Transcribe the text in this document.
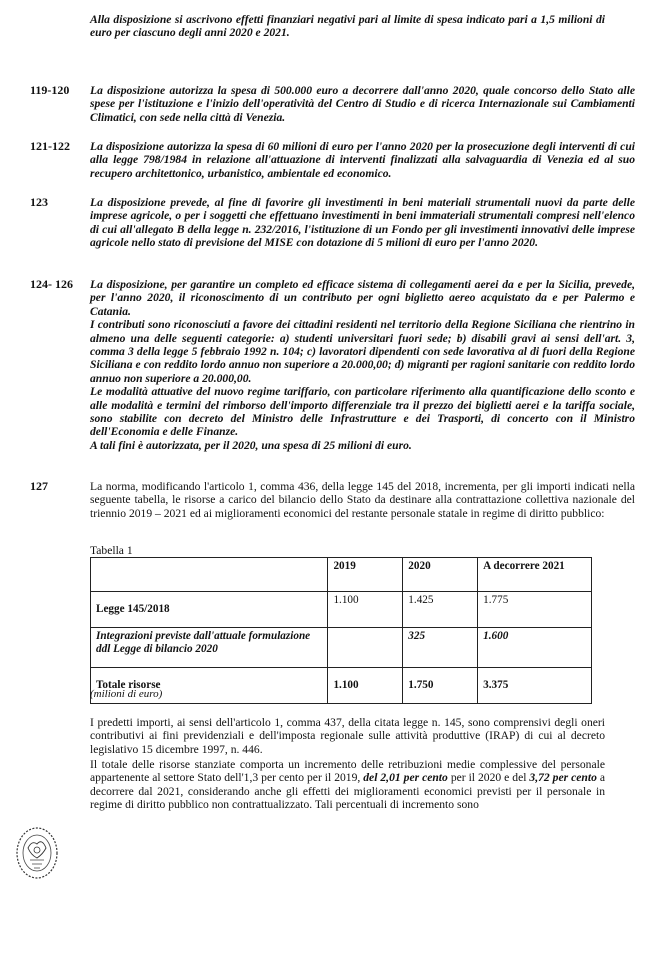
Alla disposizione si ascrivono effetti finanziari negativi pari al limite di spesa indicato pari a 1,5 milioni di euro per ciascuno degli anni 2020 e 2021.
119-120 La disposizione autorizza la spesa di 500.000 euro a decorrere dall'anno 2020, quale concorso dello Stato alle spese per l'istituzione e l'inizio dell'operatività del Centro di Studio e di ricerca Internazionale sui Cambiamenti Climatici, con sede nella città di Venezia.
121-122 La disposizione autorizza la spesa di 60 milioni di euro per l'anno 2020 per la prosecuzione degli interventi di cui alla legge 798/1984 in relazione all'attuazione di interventi finalizzati alla salvaguardia di Venezia ed al suo recupero architettonico, urbanistico, ambientale ed economico.
123	La disposizione prevede, al fine di favorire gli investimenti in beni materiali strumentali nuovi da parte delle imprese agricole, o per i soggetti che effettuano investimenti in beni immateriali strumentali compresi nell'elenco di cui all'allegato B della legge n. 232/2016, l'istituzione di un Fondo per gli investimenti innovativi delle imprese agricole nello stato di previsione del MISE con dotazione di 5 milioni di euro per l'anno 2020.
124- 126 La disposizione, per garantire un completo ed efficace sistema di collegamenti aerei da e per la Sicilia, prevede, per l'anno 2020, il riconoscimento di un contributo per ogni biglietto aereo acquistato da e per Palermo e Catania.

I contributi sono riconosciuti a favore dei cittadini residenti nel territorio della Regione Siciliana che rientrino in almeno una delle seguenti categorie: a) studenti universitari fuori sede; b) disabili gravi ai sensi dell'art. 3, comma 3 della legge 5 febbraio 1992 n. 104; c) lavoratori dipendenti con sede lavorativa al di fuori della Regione Siciliana e con reddito lordo annuo non superiore a 20.000,00; d) migranti per ragioni sanitarie con reddito lordo annuo non superiore a 20.000,00.

Le modalità attuative del nuovo regime tariffario, con particolare riferimento alla quantificazione dello sconto e alle modalità e termini del rimborso dell'importo differenziale tra il prezzo dei biglietti aerei e la tariffa sociale, sono stabilite con decreto del Ministro delle Infrastrutture e dei Trasporti, di concerto con il Ministro dell'Economia e delle Finanze.

A tali fini è autorizzata, per il 2020, una spesa di 25 milioni di euro.

127	La norma, modificando l'articolo 1, comma 436, della legge 145 del 2018, incrementa, per gli importi indicati nella seguente tabella, le risorse a carico del bilancio dello Stato da destinare alla contrattazione collettiva nazionale del triennio 2019 – 2021 ed ai miglioramenti economici del restante personale statale in regime di diritto pubblico:
Tabella 1
	2019	2020	A decorrere 2021
Legge 145/2018	1.100	1.425	1.775
Integrazioni previste dall'attuale formulazione ddl Legge di bilancio 2020		325	1.600
Totale risorse	1.100	1.750	3.375
(milioni di euro)
I predetti importi, ai sensi dell'articolo 1, comma 437, della citata legge n. 145, sono comprensivi degli oneri contributivi ai fini previdenziali e dell'imposta regionale sulle attività produttive (IRAP) di cui al decreto legislativo 15 dicembre 1997, n. 446.
Il totale delle risorse stanziate comporta un incremento delle retribuzioni medie complessive del personale appartenente al settore Stato dell'1,3 per cento per il 2019, del 2,01 per cento per il 2020 e del 3,72 per cento a decorrere dal 2021, considerando anche gli effetti dei miglioramenti economici previsti per il personale in regime di diritto pubblico non contrattualizzato. Tali percentuali di incremento sono
